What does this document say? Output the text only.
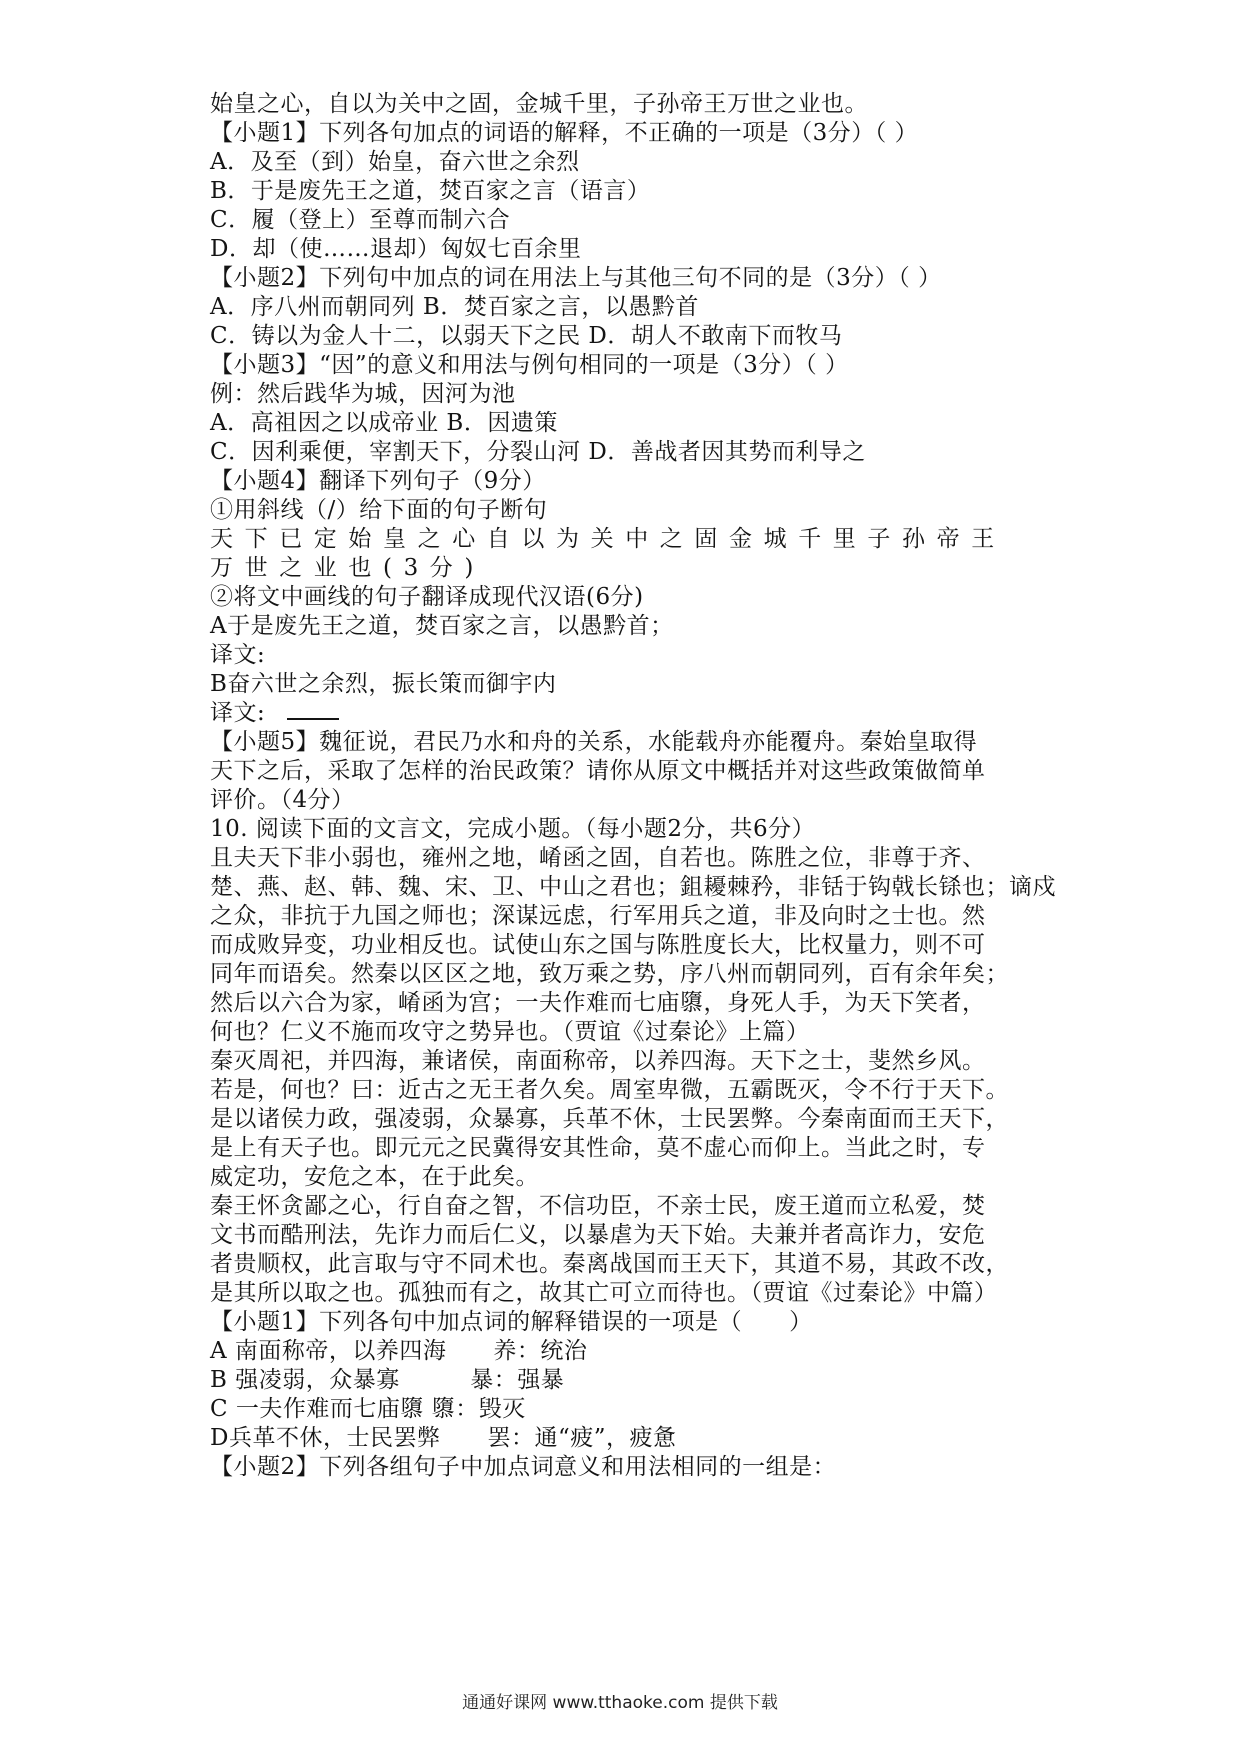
始皇之心，自以为关中之固，金城千里，子孙帝王万世之业也。
【小题1】下列各句加点的词语的解释，不正确的一项是（3分）（ ）
A．及至（到）始皇，奋六世之余烈
B．于是废先王之道，焚百家之言（语言）
C．履（登上）至尊而制六合
D．却（使……退却）匈奴七百余里
【小题2】下列句中加点的词在用法上与其他三句不同的是（3分）（ ）
A．序八州而朝同列 B．焚百家之言，以愚黔首
C．铸以为金人十二，以弱天下之民 D．胡人不敢南下而牧马
【小题3】“因”的意义和用法与例句相同的一项是（3分）（ ）
例：然后践华为城，因河为池
A．高祖因之以成帝业 B．因遗策
C．因利乘便，宰割天下，分裂山河 D．善战者因其势而利导之
【小题4】翻译下列句子（9分）
①用斜线（/）给下面的句子断句
天下已定始皇之心自以为关中之固金城千里子孙帝王
万世之业也(3分)
②将文中画线的句子翻译成现代汉语(6分)
A于是废先王之道，焚百家之言，以愚黔首；
译文:
B奋六世之余烈，振长策而御宇内
译文:
【小题5】魏征说，君民乃水和舟的关系，水能载舟亦能覆舟。秦始皇取得
天下之后，采取了怎样的治民政策？请你从原文中概括并对这些政策做简单
评价。（4分）
10. 阅读下面的文言文，完成小题。（每小题2分，共6分）
且夫天下非小弱也，雍州之地，崤函之固，自若也。陈胜之位，非尊于齐、
楚、燕、赵、韩、魏、宋、卫、中山之君也；鉏耰棘矜，非铦于钩戟长铩也；谪戍
之众，非抗于九国之师也；深谋远虑，行军用兵之道，非及向时之士也。然
而成败异变，功业相反也。试使山东之国与陈胜度长大，比权量力，则不可
同年而语矣。然秦以区区之地，致万乘之势，序八州而朝同列，百有余年矣；
然后以六合为家，崤函为宫；一夫作难而七庙隳，身死人手，为天下笑者，
何也？仁义不施而攻守之势异也。（贾谊《过秦论》上篇）
秦灭周祀，并四海，兼诸侯，南面称帝，以养四海。天下之士，斐然乡风。
若是，何也？曰：近古之无王者久矣。周室卑微，五霸既灭，令不行于天下。
是以诸侯力政，强凌弱，众暴寡，兵革不休，士民罢弊。今秦南面而王天下，
是上有天子也。即元元之民冀得安其性命，莫不虚心而仰上。当此之时，专
威定功，安危之本，在于此矣。
秦王怀贪鄙之心，行自奋之智，不信功臣，不亲士民，废王道而立私爱，焚
文书而酷刑法，先诈力而后仁义，以暴虐为天下始。夫兼并者高诈力，安危
者贵顺权，此言取与守不同术也。秦离战国而王天下，其道不易，其政不改，
是其所以取之也。孤独而有之，故其亡可立而待也。（贾谊《过秦论》中篇）
【小题1】下列各句中加点词的解释错误的一项是（　　）
A 南面称帝，以养四海　　养：统治
B 强凌弱，众暴寡　　　暴：强暴
C 一夫作难而七庙隳 隳：毁灭
D兵革不休，士民罢弊　　罢：通“疲”，疲惫
【小题2】下列各组句子中加点词意义和用法相同的一组是：
通通好课网 www.tthaoke.com 提供下载
